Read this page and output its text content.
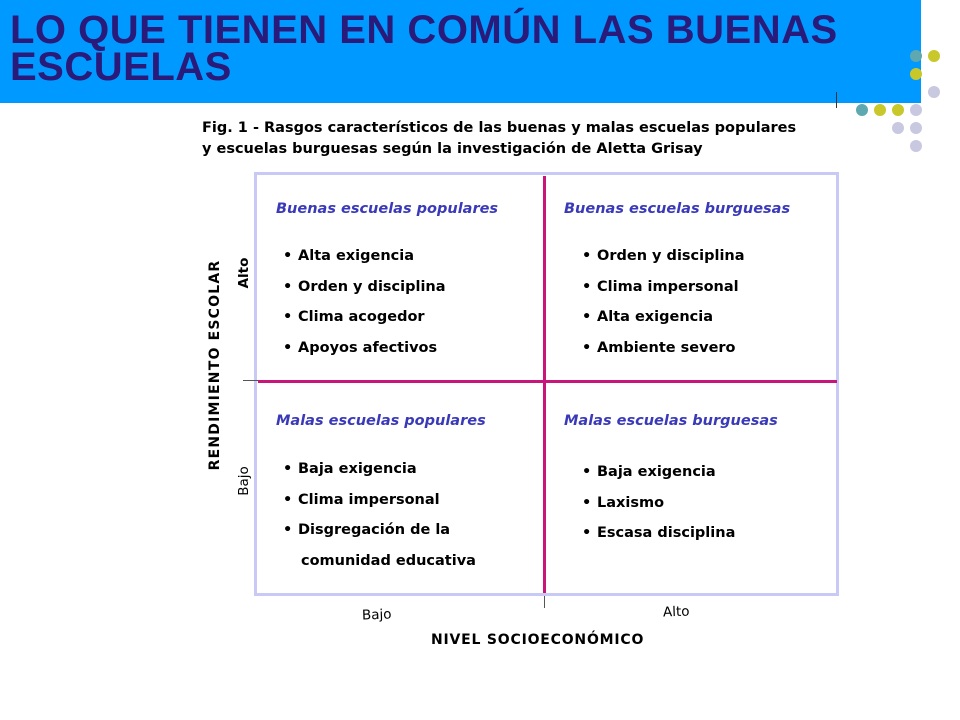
LO QUE TIENEN EN COMÚN LAS BUENAS ESCUELAS

Fig. 1 - Rasgos característicos de las buenas y malas escuelas populares
y escuelas burguesas según la investigación de Aletta Grisay

Buenas escuelas populares
• Alta exigencia
• Orden y disciplina
• Clima acogedor
• Apoyos afectivos
Buenas escuelas burguesas
• Orden y disciplina
• Clima impersonal
• Alta exigencia
• Ambiente severo
Malas escuelas populares
• Baja exigencia
• Clima impersonal
• Disgregación de la
comunidad educativa
Malas escuelas burguesas
• Baja exigencia
• Laxismo
• Escasa disciplina
RENDIMIENTO ESCOLAR Alto
Bajo
Bajo	Alto
NIVEL SOCIOECONÓMICO
